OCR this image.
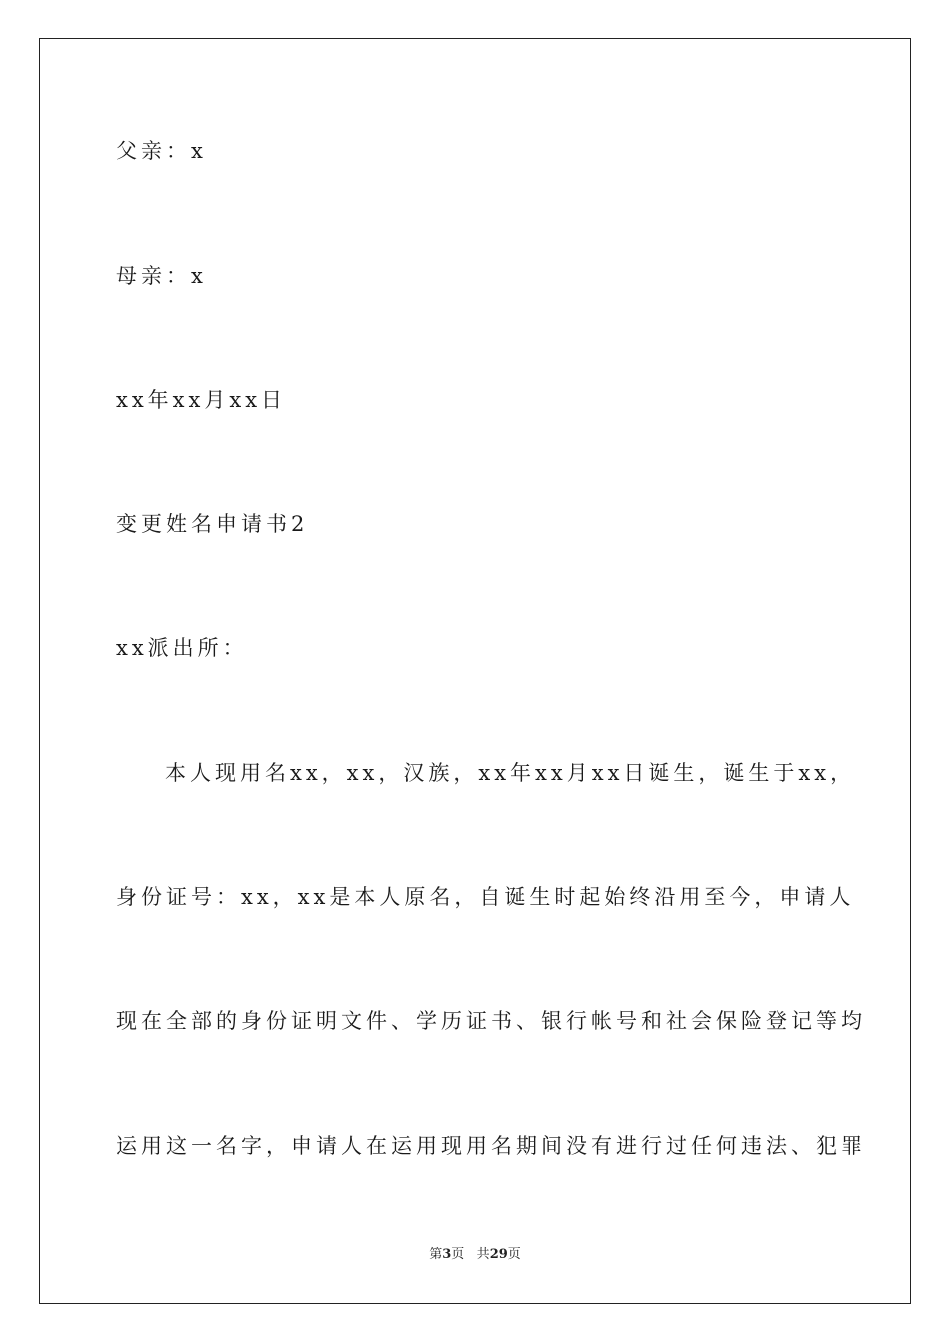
父亲：x
母亲：x
xx年xx月xx日
变更姓名申请书2
xx派出所：
本人现用名xx，xx，汉族，xx年xx月xx日诞生，诞生于xx，
身份证号：xx，xx是本人原名，自诞生时起始终沿用至今，申请人
现在全部的身份证明文件、学历证书、银行帐号和社会保险登记等均
运用这一名字，申请人在运用现用名期间没有进行过任何违法、犯罪
第3页 共29页
